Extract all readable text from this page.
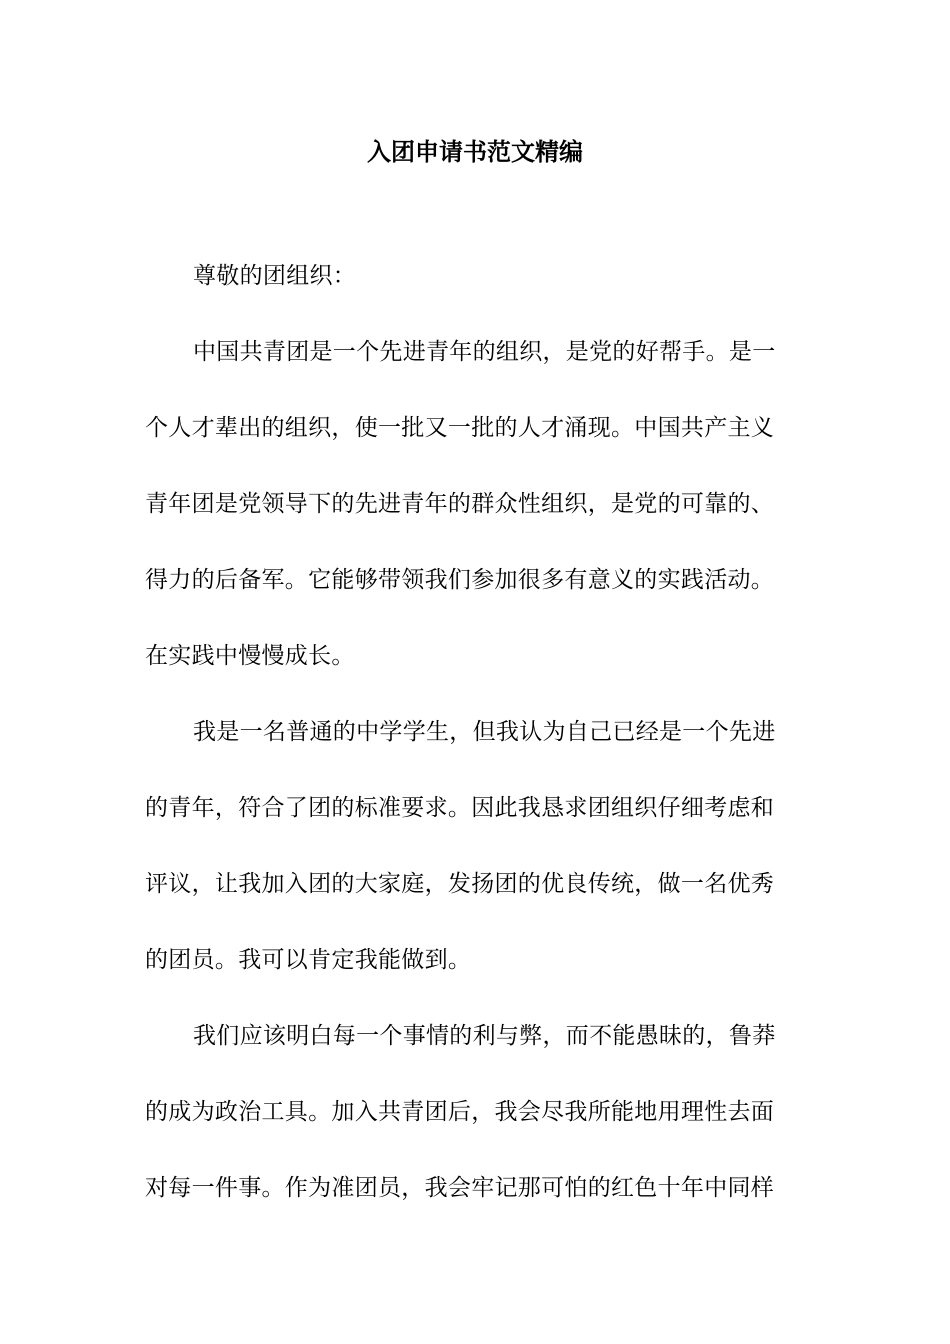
入团申请书范文精编
尊敬的团组织：
中国共青团是一个先进青年的组织，是党的好帮手。是一
个人才辈出的组织，使一批又一批的人才涌现。中国共产主义
青年团是党领导下的先进青年的群众性组织，是党的可靠的、
得力的后备军。它能够带领我们参加很多有意义的实践活动。
在实践中慢慢成长。
我是一名普通的中学学生，但我认为自己已经是一个先进
的青年，符合了团的标准要求。因此我恳求团组织仔细考虑和
评议，让我加入团的大家庭，发扬团的优良传统，做一名优秀
的团员。我可以肯定我能做到。
我们应该明白每一个事情的利与弊，而不能愚昧的，鲁莽
的成为政治工具。加入共青团后，我会尽我所能地用理性去面
对每一件事。作为准团员，我会牢记那可怕的红色十年中同样
